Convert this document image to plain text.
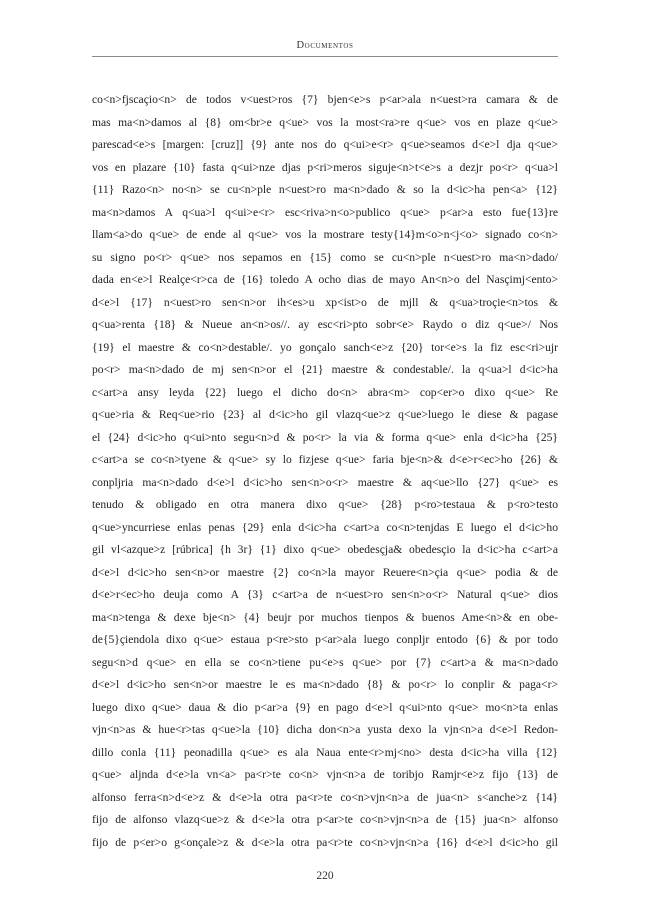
Documentos
co<n>fjscaçio<n> de todos v<uest>ros {7} bjen<e>s p<ar>ala n<uest>ra camara & de
mas ma<n>damos al {8} om<br>e q<ue> vos la most<ra>re q<ue> vos en plaze q<ue>
parescad<e>s [margen: [cruz]] {9} ante nos do q<ui>e<r> q<ue>seamos d<e>l dja q<ue>
vos en plazare {10} fasta q<ui>nze djas p<ri>meros siguje<n>t<e>s a dezjr po<r> q<ua>l
{11} Razo<n> no<n> se cu<n>ple n<uest>ro ma<n>dado & so la d<ic>ha pen<a> {12}
ma<n>damos A q<ua>l q<ui>e<r> esc<riva>n<o>publico q<ue> p<ar>a esto fue{13}re
llam<a>do q<ue> de ende al q<ue> vos la mostrare testy{14}m<o>n<j<o> signado co<n>
su signo po<r> q<ue> nos sepamos en {15} como se cu<n>ple n<uest>ro ma<n>dado/
dada en<e>l Realçe<r>ca de {16} toledo A ocho dias de mayo An<n>o del Nasçimj<ento>
d<e>l {17} n<uest>ro sen<n>or ih<es>u xp<ist>o de mjll & q<ua>troçie<n>tos &
q<ua>renta {18} & Nueue an<n>os//. ay esc<ri>pto sobr<e> Raydo o diz q<ue>/ Nos
{19} el maestre & co<n>destable/. yo gonçalo sanch<e>z {20} tor<e>s la fiz esc<ri>ujr
po<r> ma<n>dado de mj sen<n>or el {21} maestre & condestable/. la q<ua>l d<ic>ha
c<art>a ansy leyda {22} luego el dicho do<n> abra<m> cop<er>o dixo q<ue> Re
q<ue>ria & Req<ue>rio {23} al d<ic>ho gil vlazq<ue>z q<ue>luego le diese & pagase
el {24} d<ic>ho q<ui>nto segu<n>d & po<r> la via & forma q<ue> enla d<ic>ha {25}
c<art>a se co<n>tyene & q<ue> sy lo fizjese q<ue> faria bje<n>& d<e>r<ec>ho {26} &
conpljria ma<n>dado d<e>l d<ic>ho sen<n>o<r> maestre & aq<ue>llo {27} q<ue> es
tenudo & obligado en otra manera dixo q<ue> {28} p<ro>testaua & p<ro>testo
q<ue>yncurriese enlas penas {29} enla d<ic>ha c<art>a co<n>tenjdas E luego el d<ic>ho
gil vl<azque>z [rúbrica] {h 3r} {1} dixo q<ue> obedesçja& obedesçio la d<ic>ha c<art>a
d<e>l d<ic>ho sen<n>or maestre {2} co<n>la mayor Reuere<n>çia q<ue> podia & de
d<e>r<ec>ho deuja como A {3} c<art>a de n<uest>ro sen<n>o<r> Natural q<ue> dios
ma<n>tenga & dexe bje<n> {4} beujr por muchos tienpos & buenos Ame<n>& en obe-
de{5}çiendola dixo q<ue> estaua p<re>sto p<ar>ala luego conpljr entodo {6} & por todo
segu<n>d q<ue> en ella se co<n>tiene pu<e>s q<ue> por {7} c<art>a & ma<n>dado
d<e>l d<ic>ho sen<n>or maestre le es ma<n>dado {8} & po<r> lo conplir & paga<r>
luego dixo q<ue> daua & dio p<ar>a {9} en pago d<e>l q<ui>nto q<ue> mo<n>ta enlas
vjn<n>as & hue<r>tas q<ue>la {10} dicha don<n>a yusta dexo la vjn<n>a d<e>l Redon-
dillo conla {11} peonadilla q<ue> es ala Naua ente<r>mj<no> desta d<ic>ha villa {12}
q<ue> aljnda d<e>la vn<a> pa<r>te co<n> vjn<n>a de toribjo Ramjr<e>z fijo {13} de
alfonso ferra<n>d<e>z & d<e>la otra pa<r>te co<n>vjn<n>a de jua<n> s<anche>z {14}
fijo de alfonso vlazq<ue>z & d<e>la otra p<ar>te co<n>vjn<n>a de {15} jua<n> alfonso
fijo de p<er>o g<onçale>z & d<e>la otra pa<r>te co<n>vjn<n>a {16} d<e>l d<ic>ho gil
220
